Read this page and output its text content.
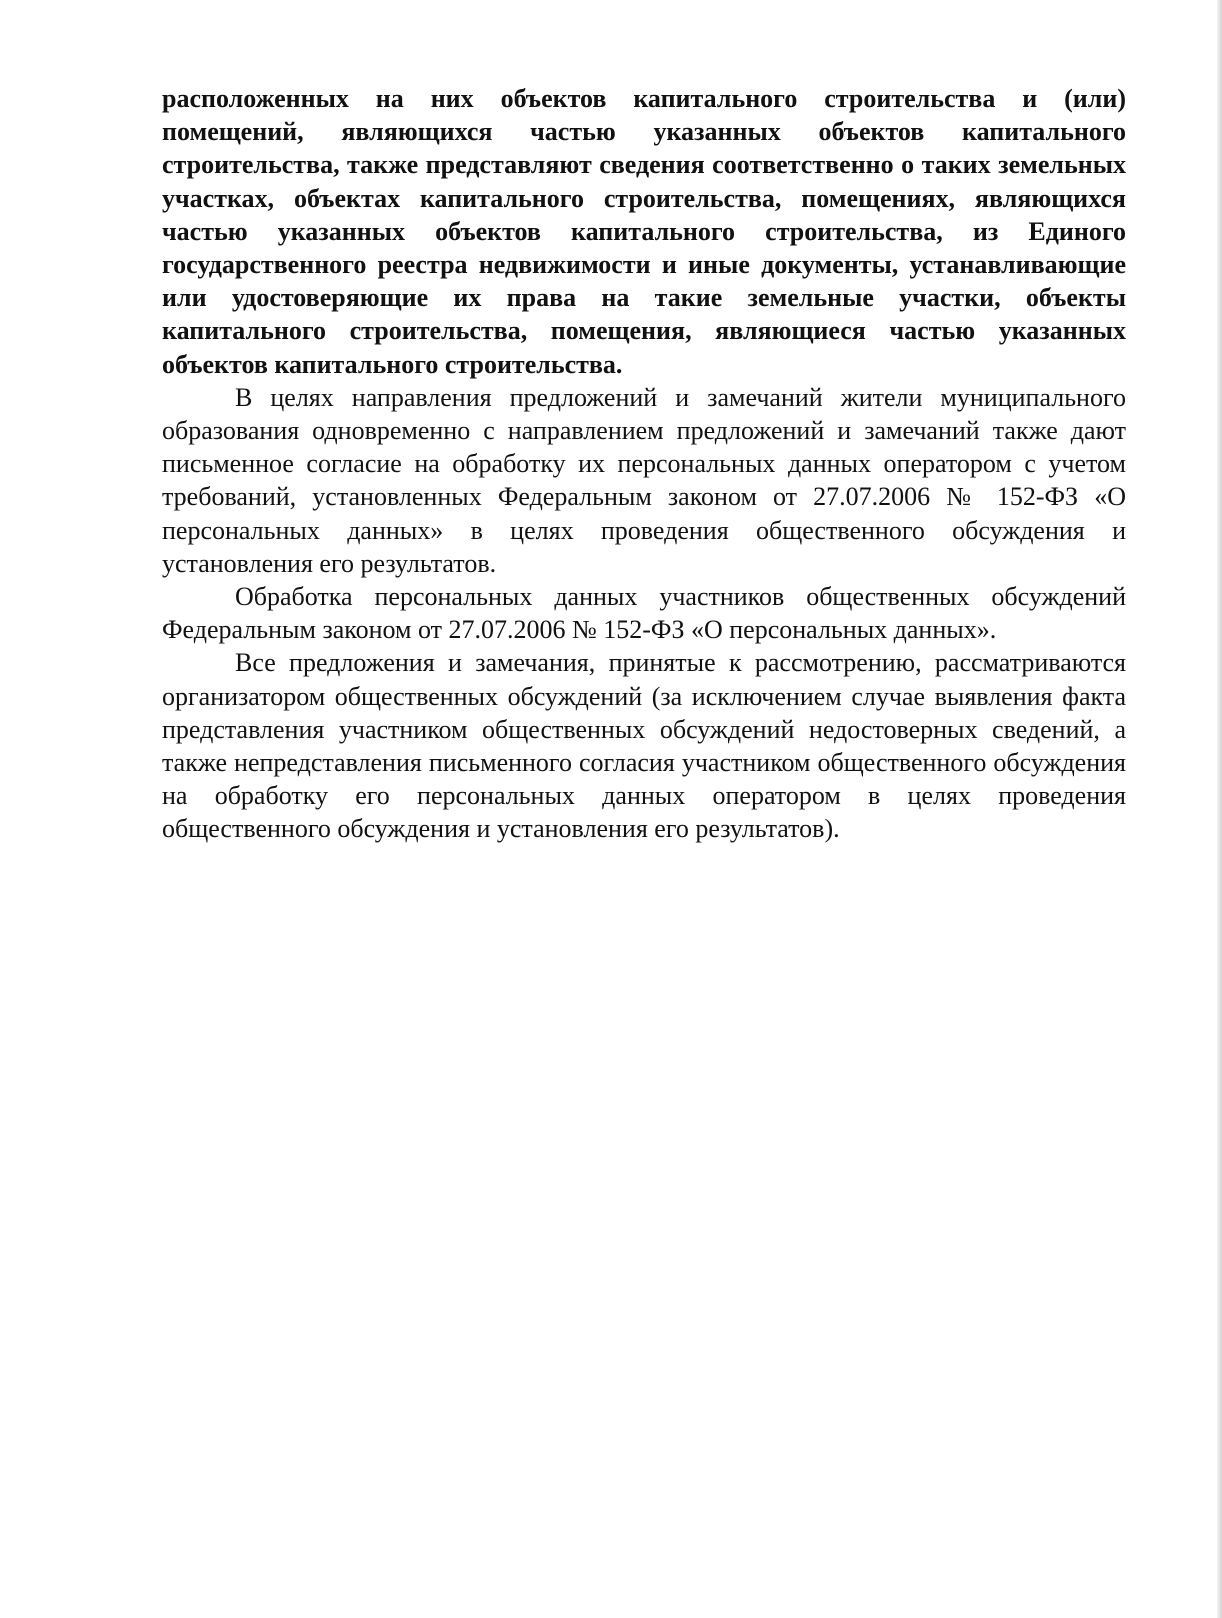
расположенных на них объектов капитального строительства и (или) помещений, являющихся частью указанных объектов капитального строительства, также представляют сведения соответственно о таких земельных участках, объектах капитального строительства, помещениях, являющихся частью указанных объектов капитального строительства, из Единого государственного реестра недвижимости и иные документы, устанавливающие или удостоверяющие их права на такие земельные участки, объекты капитального строительства, помещения, являющиеся частью указанных объектов капитального строительства.

В целях направления предложений и замечаний жители муниципального образования одновременно с направлением предложений и замечаний также дают письменное согласие на обработку их персональных данных оператором с учетом требований, установленных Федеральным законом от 27.07.2006 № 152-ФЗ «О персональных данных» в целях проведения общественного обсуждения и установления его результатов.

Обработка персональных данных участников общественных обсуждений Федеральным законом от 27.07.2006 № 152-ФЗ «О персональных данных».

Все предложения и замечания, принятые к рассмотрению, рассматриваются организатором общественных обсуждений (за исключением случае выявления факта представления участником общественных обсуждений недостоверных сведений, а также непредставления письменного согласия участником общественного обсуждения на обработку его персональных данных оператором в целях проведения общественного обсуждения и установления его результатов).
